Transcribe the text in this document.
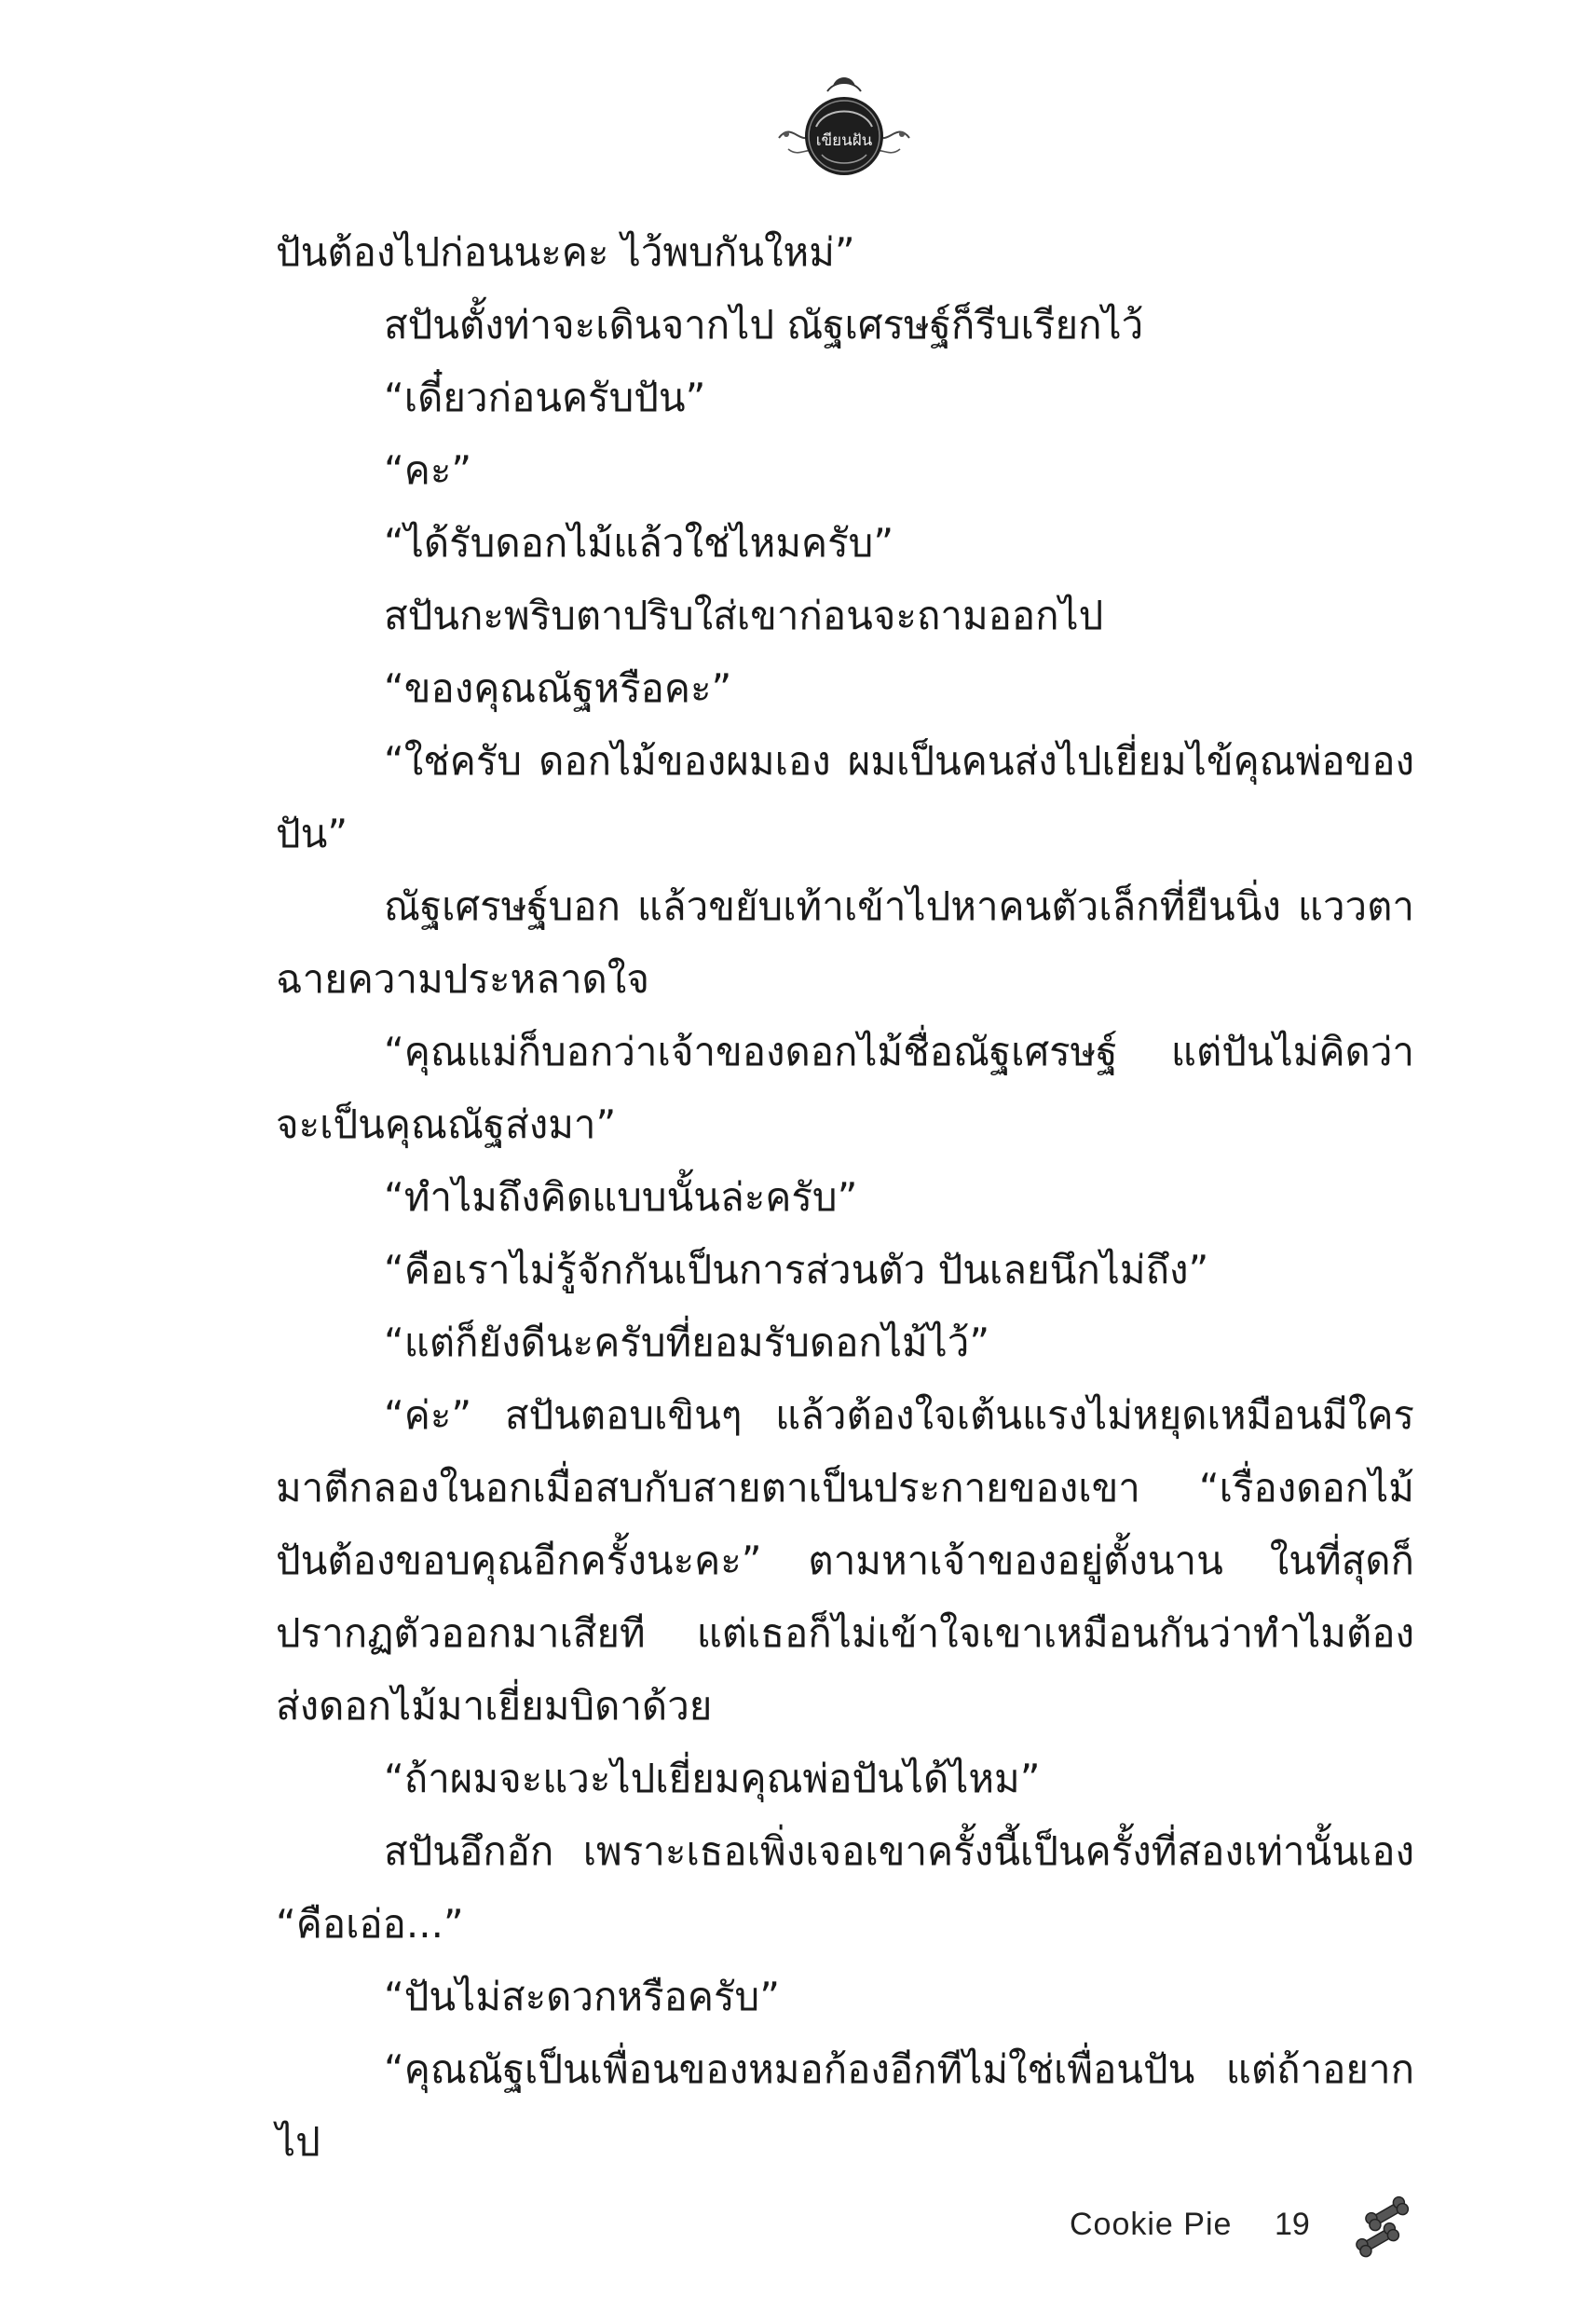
เขียนฝัน

ปันต้องไปก่อนนะคะ ไว้พบกันใหม่”

สปันตั้งท่าจะเดินจากไป ณัฐเศรษฐ์ก็รีบเรียกไว้

“เดี๋ยวก่อนครับปัน”

“คะ”

“ได้รับดอกไม้แล้วใช่ไหมครับ”

สปันกะพริบตาปริบใส่เขาก่อนจะถามออกไป

“ของคุณณัฐหรือคะ”

“ใช่ครับ ดอกไม้ของผมเอง ผมเป็นคนส่งไปเยี่ยมไข้คุณพ่อของปัน”

ณัฐเศรษฐ์บอก แล้วขยับเท้าเข้าไปหาคนตัวเล็กที่ยืนนิ่ง แววตาฉายความประหลาดใจ

“คุณแม่ก็บอกว่าเจ้าของดอกไม้ชื่อณัฐเศรษฐ์ แต่ปันไม่คิดว่าจะเป็นคุณณัฐส่งมา”

“ทำไมถึงคิดแบบนั้นล่ะครับ”

“คือเราไม่รู้จักกันเป็นการส่วนตัว ปันเลยนึกไม่ถึง”

“แต่ก็ยังดีนะครับที่ยอมรับดอกไม้ไว้”

“ค่ะ” สปันตอบเขินๆ แล้วต้องใจเต้นแรงไม่หยุดเหมือนมีใครมาตีกลองในอกเมื่อสบกับสายตาเป็นประกายของเขา “เรื่องดอกไม้ปันต้องขอบคุณอีกครั้งนะคะ” ตามหาเจ้าของอยู่ตั้งนาน ในที่สุดก็ปรากฏตัวออกมาเสียที แต่เธอก็ไม่เข้าใจเขาเหมือนกันว่าทำไมต้องส่งดอกไม้มาเยี่ยมบิดาด้วย

“ถ้าผมจะแวะไปเยี่ยมคุณพ่อปันได้ไหม”

สปันอึกอัก เพราะเธอเพิ่งเจอเขาครั้งนี้เป็นครั้งที่สองเท่านั้นเอง “คือเอ่อ...”

“ปันไม่สะดวกหรือครับ”

“คุณณัฐเป็นเพื่อนของหมอก้องอีกทีไม่ใช่เพื่อนปัน แต่ถ้าอยากไป

Cookie Pie 19
